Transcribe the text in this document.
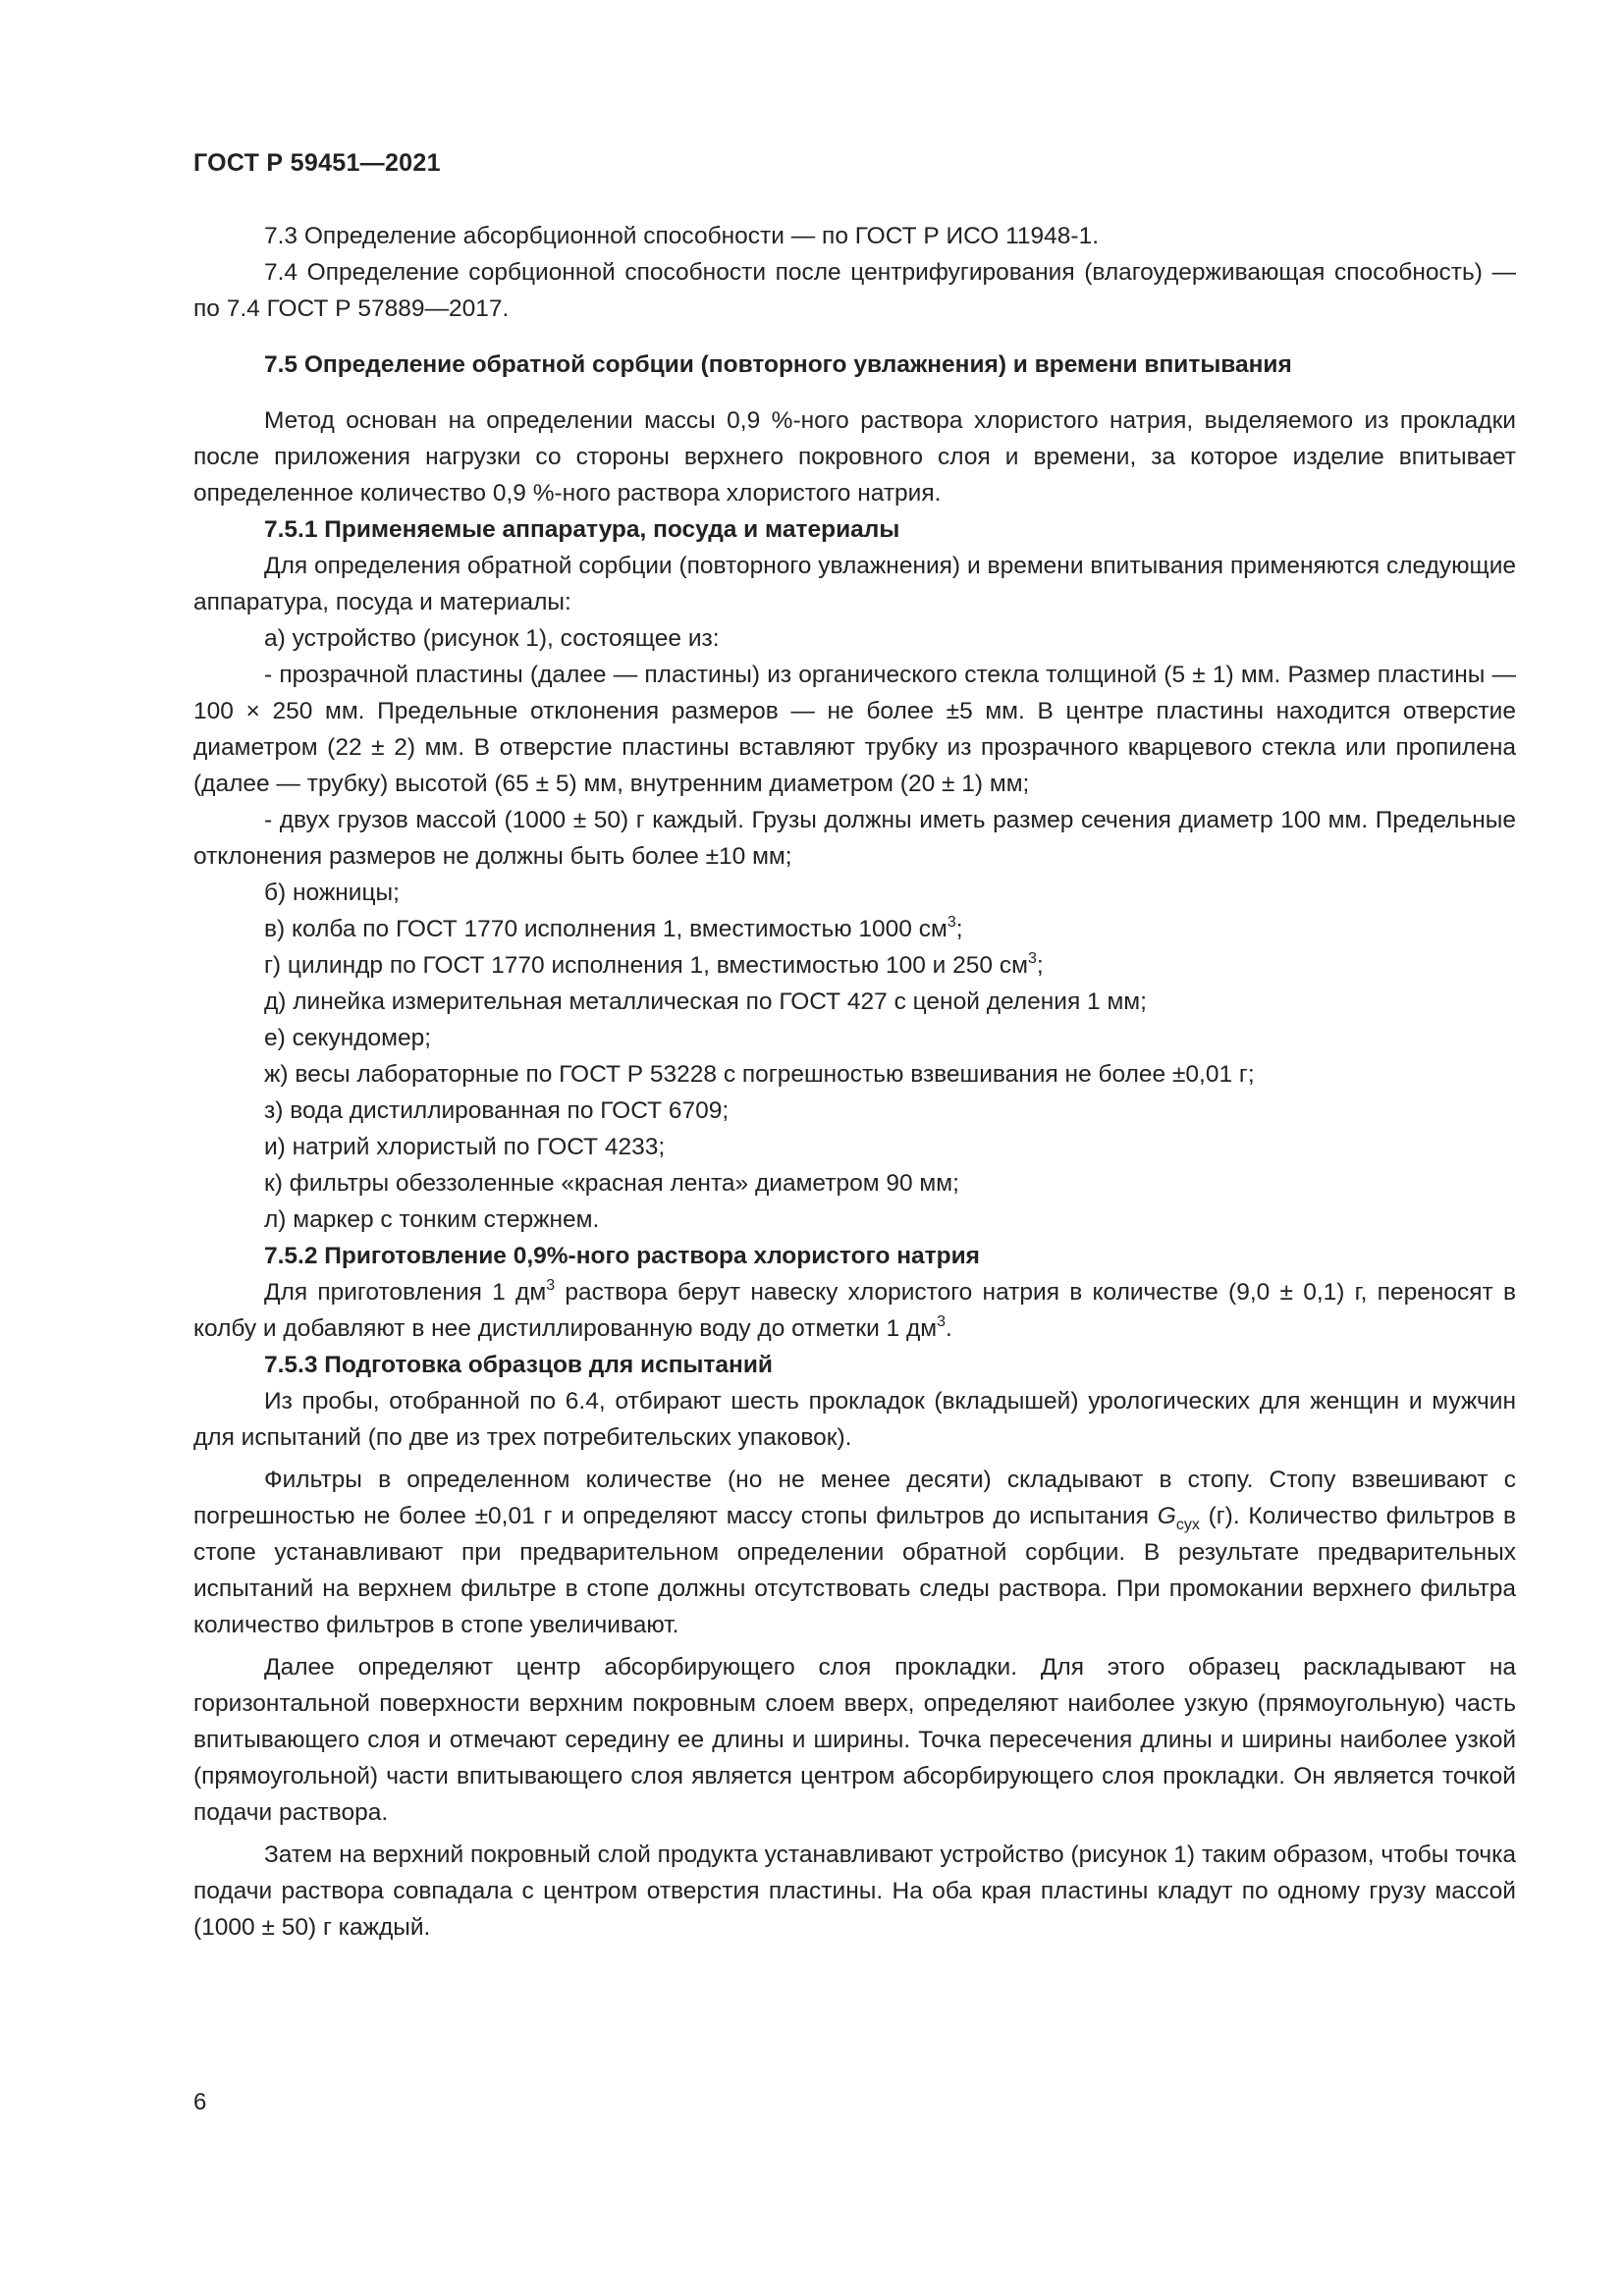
ГОСТ Р 59451—2021

7.3 Определение абсорбционной способности — по ГОСТ Р ИСО 11948-1.

7.4 Определение сорбционной способности после центрифугирования (влагоудерживающая способность) — по 7.4 ГОСТ Р 57889—2017.

7.5 Определение обратной сорбции (повторного увлажнения) и времени впитывания

Метод основан на определении массы 0,9 %-ного раствора хлористого натрия, выделяемого из прокладки после приложения нагрузки со стороны верхнего покровного слоя и времени, за которое изделие впитывает определенное количество 0,9 %-ного раствора хлористого натрия.

7.5.1 Применяемые аппаратура, посуда и материалы

Для определения обратной сорбции (повторного увлажнения) и времени впитывания применяются следующие аппаратура, посуда и материалы:

а) устройство (рисунок 1), состоящее из:

- прозрачной пластины (далее — пластины) из органического стекла толщиной (5 ± 1) мм. Размер пластины — 100 × 250 мм. Предельные отклонения размеров — не более ±5 мм. В центре пластины находится отверстие диаметром (22 ± 2) мм. В отверстие пластины вставляют трубку из прозрачного кварцевого стекла или пропилена (далее — трубку) высотой (65 ± 5) мм, внутренним диаметром (20 ± 1) мм;

- двух грузов массой (1000 ± 50) г каждый. Грузы должны иметь размер сечения диаметр 100 мм. Предельные отклонения размеров не должны быть более ±10 мм;

б) ножницы;

в) колба по ГОСТ 1770 исполнения 1, вместимостью 1000 $см^3$;

г) цилиндр по ГОСТ 1770 исполнения 1, вместимостью 100 и 250 $см^3$;

д) линейка измерительная металлическая по ГОСТ 427 с ценой деления 1 мм;

е) секундомер;

ж) весы лабораторные по ГОСТ Р 53228 с погрешностью взвешивания не более ±0,01 г;

з) вода дистиллированная по ГОСТ 6709;

и) натрий хлористый по ГОСТ 4233;

к) фильтры обеззоленные «красная лента» диаметром 90 мм;

л) маркер с тонким стержнем.

7.5.2 Приготовление 0,9%-ного раствора хлористого натрия

Для приготовления 1 $дм^3$ раствора берут навеску хлористого натрия в количестве (9,0 ± 0,1) г, переносят в колбу и добавляют в нее дистиллированную воду до отметки 1 $дм^3$.

7.5.3 Подготовка образцов для испытаний

Из пробы, отобранной по 6.4, отбирают шесть прокладок (вкладышей) урологических для женщин и мужчин для испытаний (по две из трех потребительских упаковок).

Фильтры в определенном количестве (но не менее десяти) складывают в стопу. Стопу взвешивают с погрешностью не более ±0,01 г и определяют массу стопы фильтров до испытания $G_{сух}$ (г). Количество фильтров в стопе устанавливают при предварительном определении обратной сорбции. В результате предварительных испытаний на верхнем фильтре в стопе должны отсутствовать следы раствора. При промокании верхнего фильтра количество фильтров в стопе увеличивают.

Далее определяют центр абсорбирующего слоя прокладки. Для этого образец раскладывают на горизонтальной поверхности верхним покровным слоем вверх, определяют наиболее узкую (прямоугольную) часть впитывающего слоя и отмечают середину ее длины и ширины. Точка пересечения длины и ширины наиболее узкой (прямоугольной) части впитывающего слоя является центром абсорбирующего слоя прокладки. Он является точкой подачи раствора.

Затем на верхний покровный слой продукта устанавливают устройство (рисунок 1) таким образом, чтобы точка подачи раствора совпадала с центром отверстия пластины. На оба края пластины кладут по одному грузу массой (1000 ± 50) г каждый.

6
